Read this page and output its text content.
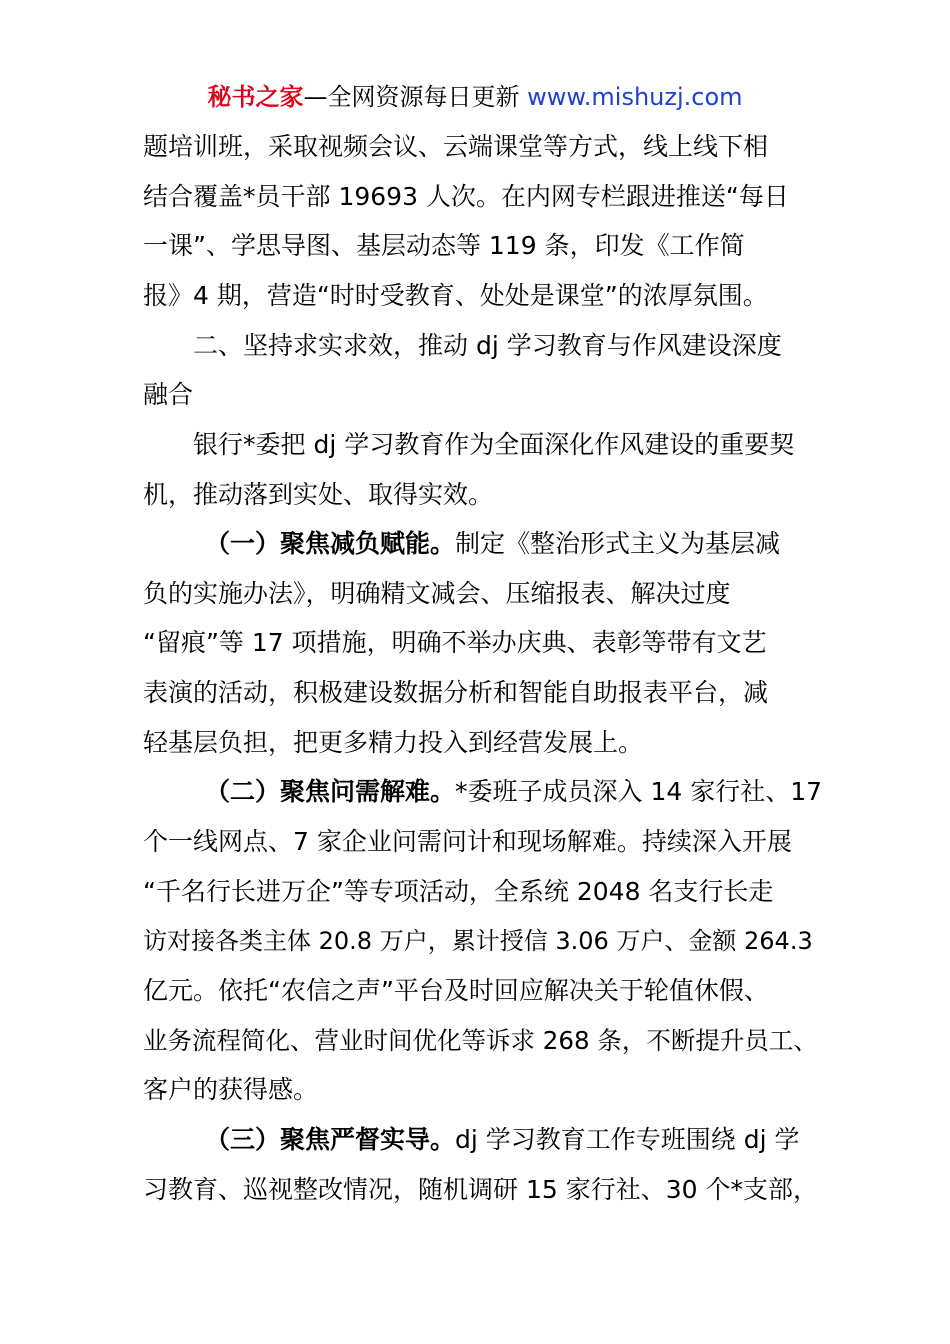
秘书之家—全网资源每日更新 www.mishuzj.com
题培训班，采取视频会议、云端课堂等方式，线上线下相
结合覆盖*员干部 19693 人次。在内网专栏跟进推送“每日
一课”、学思导图、基层动态等 119 条，印发《工作简
报》4 期，营造“时时受教育、处处是课堂”的浓厚氛围。
二、坚持求实求效，推动 dj 学习教育与作风建设深度
融合
银行*委把 dj 学习教育作为全面深化作风建设的重要契
机，推动落到实处、取得实效。
（一）聚焦减负赋能。制定《整治形式主义为基层减
负的实施办法》，明确精文减会、压缩报表、解决过度
“留痕”等 17 项措施，明确不举办庆典、表彰等带有文艺
表演的活动，积极建设数据分析和智能自助报表平台，减
轻基层负担，把更多精力投入到经营发展上。
（二）聚焦问需解难。*委班子成员深入 14 家行社、17
个一线网点、7 家企业问需问计和现场解难。持续深入开展
“千名行长进万企”等专项活动，全系统 2048 名支行长走
访对接各类主体 20.8 万户，累计授信 3.06 万户、金额 264.3
亿元。依托“农信之声”平台及时回应解决关于轮值休假、
业务流程简化、营业时间优化等诉求 268 条，不断提升员工、
客户的获得感。
（三）聚焦严督实导。dj 学习教育工作专班围绕 dj 学
习教育、巡视整改情况，随机调研 15 家行社、30 个*支部，
